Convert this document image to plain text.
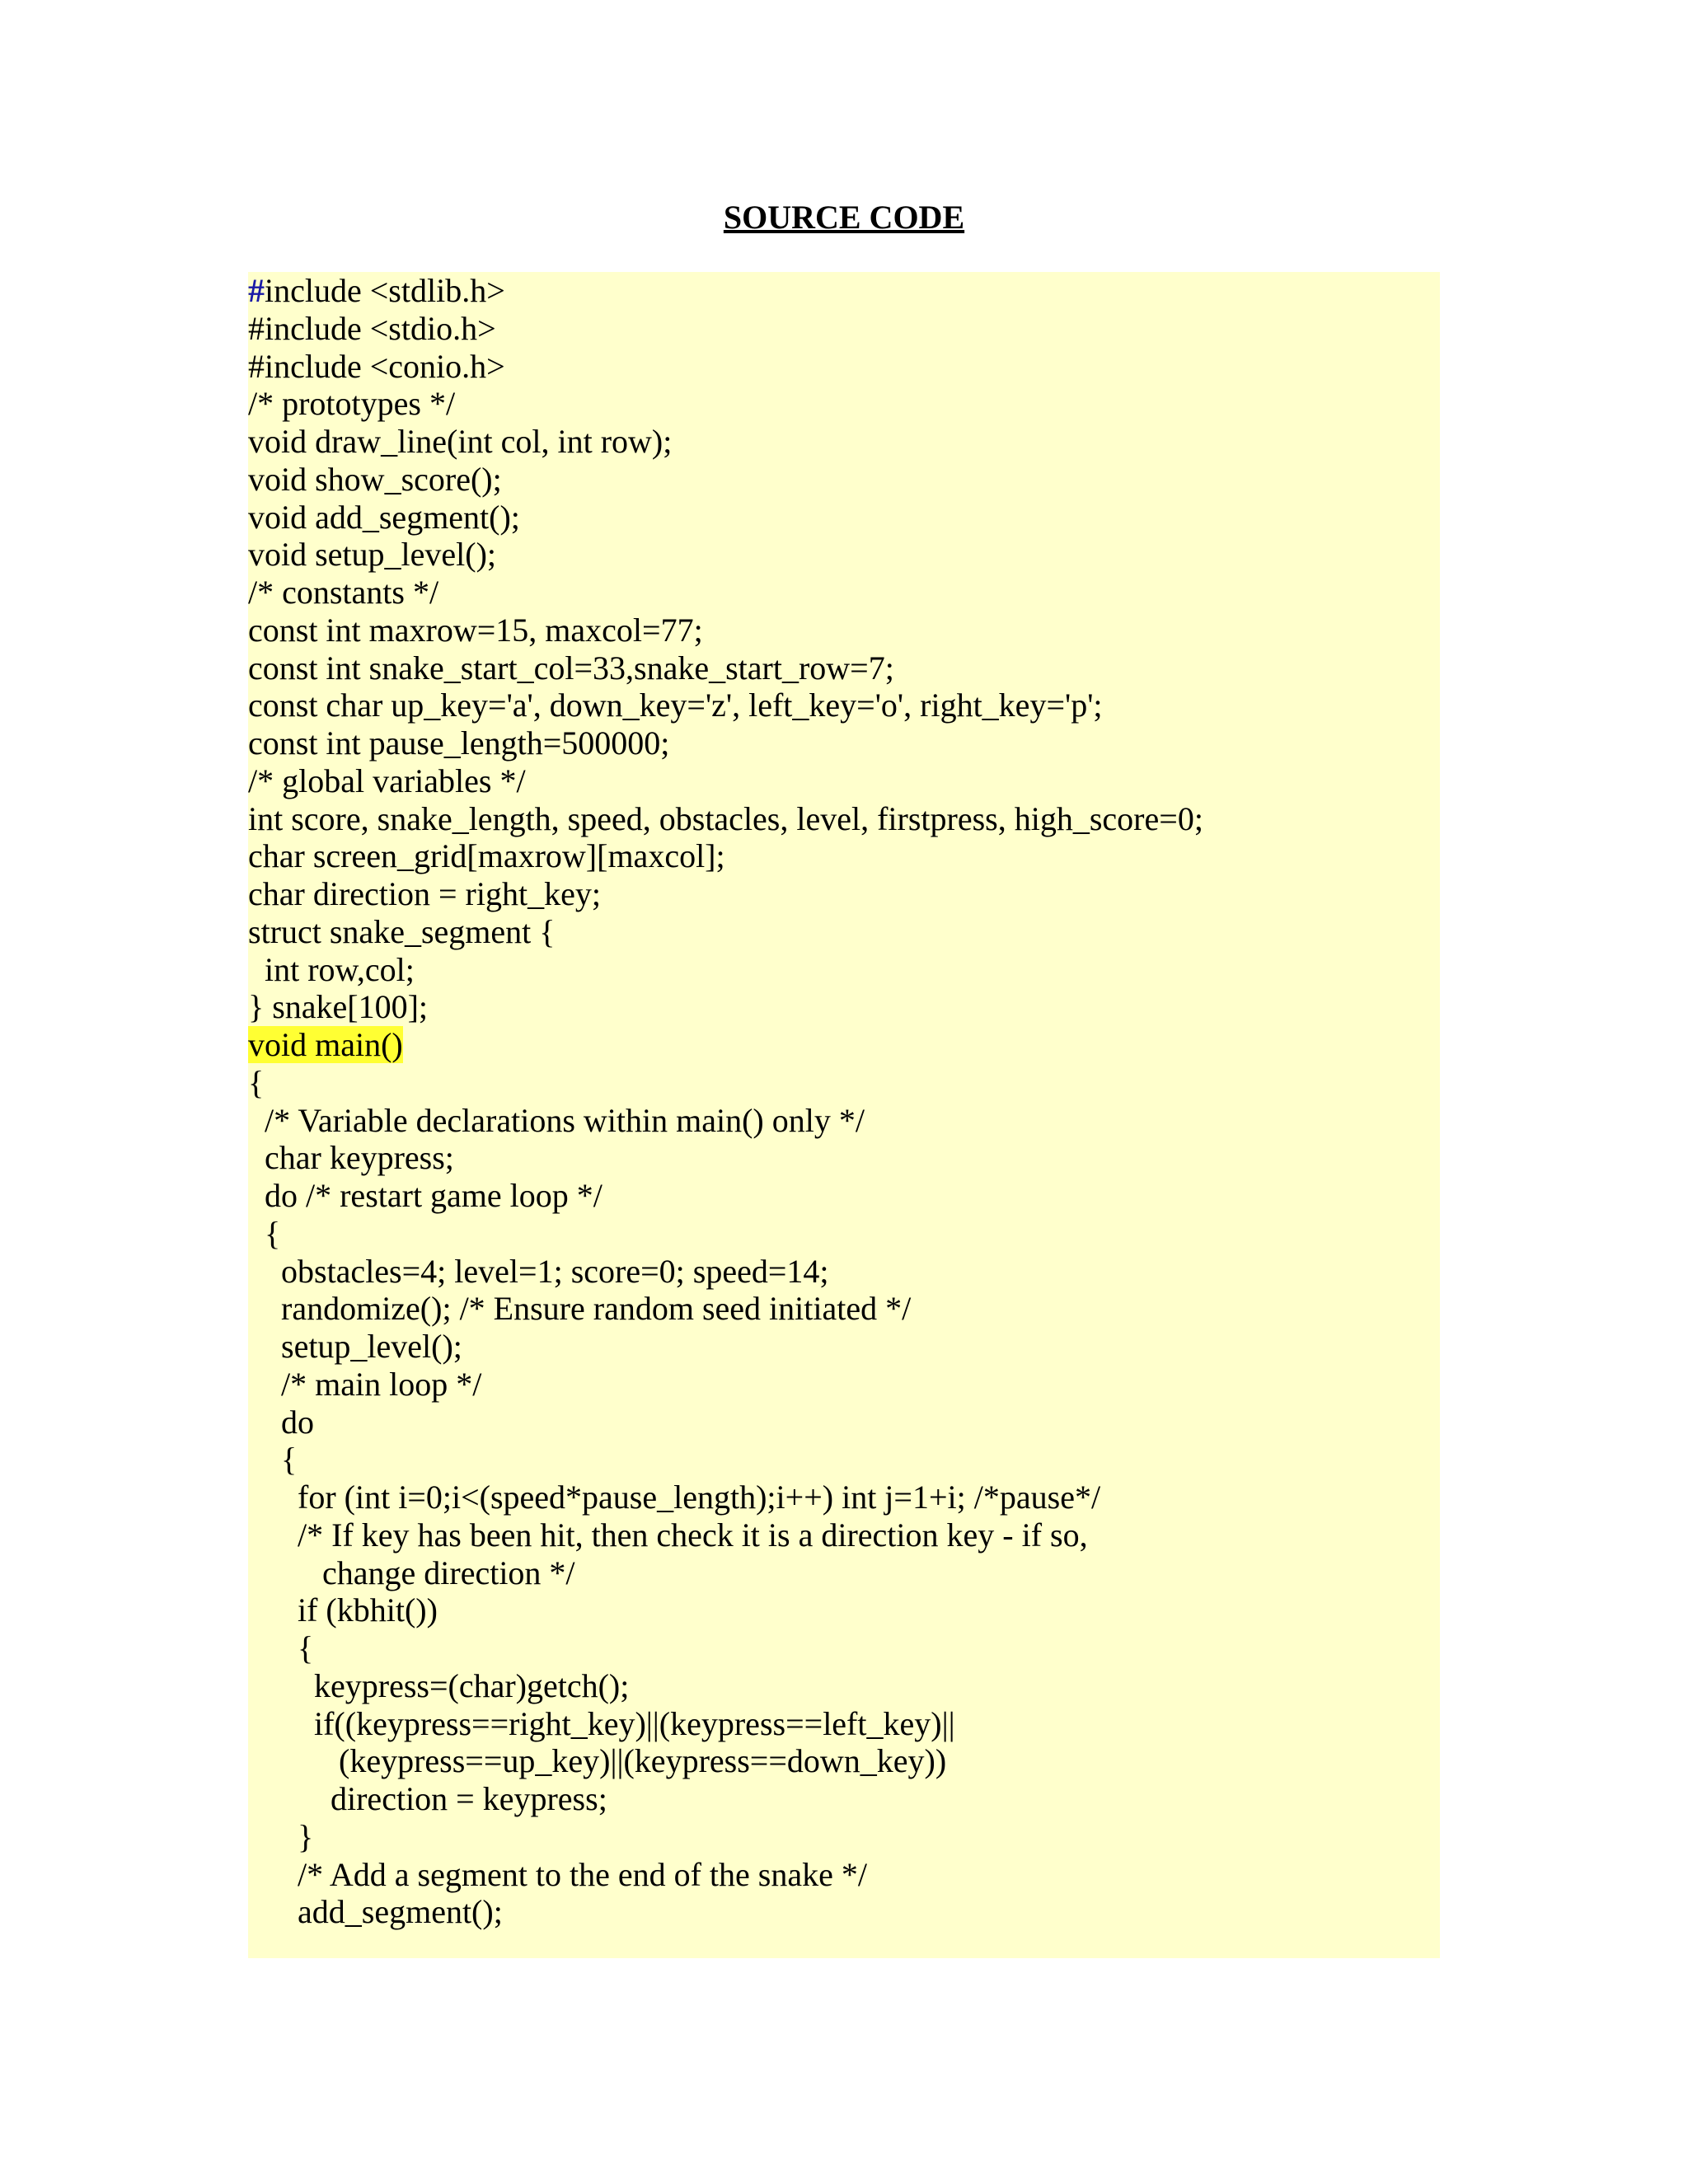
SOURCE CODE
#include <stdlib.h>
#include <stdio.h>
#include <conio.h>
/* prototypes */
void draw_line(int col, int row);
void show_score();
void add_segment();
void setup_level();
/* constants */
const int maxrow=15, maxcol=77;
const int snake_start_col=33,snake_start_row=7;
const char up_key='a', down_key='z', left_key='o', right_key='p';
const int pause_length=500000;
/* global variables */
int score, snake_length, speed, obstacles, level, firstpress, high_score=0;
char screen_grid[maxrow][maxcol];
char direction = right_key;
struct snake_segment {
int row,col;
} snake[100];
void main()
{
/* Variable declarations within main() only */
char keypress;
do /* restart game loop */
{
obstacles=4; level=1; score=0; speed=14;
randomize(); /* Ensure random seed initiated */
setup_level();
/* main loop */
do
{
for (int i=0;i<(speed*pause_length);i++) int j=1+i; /*pause*/
/* If key has been hit, then check it is a direction key - if so,
change direction */
if (kbhit())
{
keypress=(char)getch();
if((keypress==right_key)||(keypress==left_key)||
(keypress==up_key)||(keypress==down_key))
direction = keypress;
}
/* Add a segment to the end of the snake */
add_segment();
